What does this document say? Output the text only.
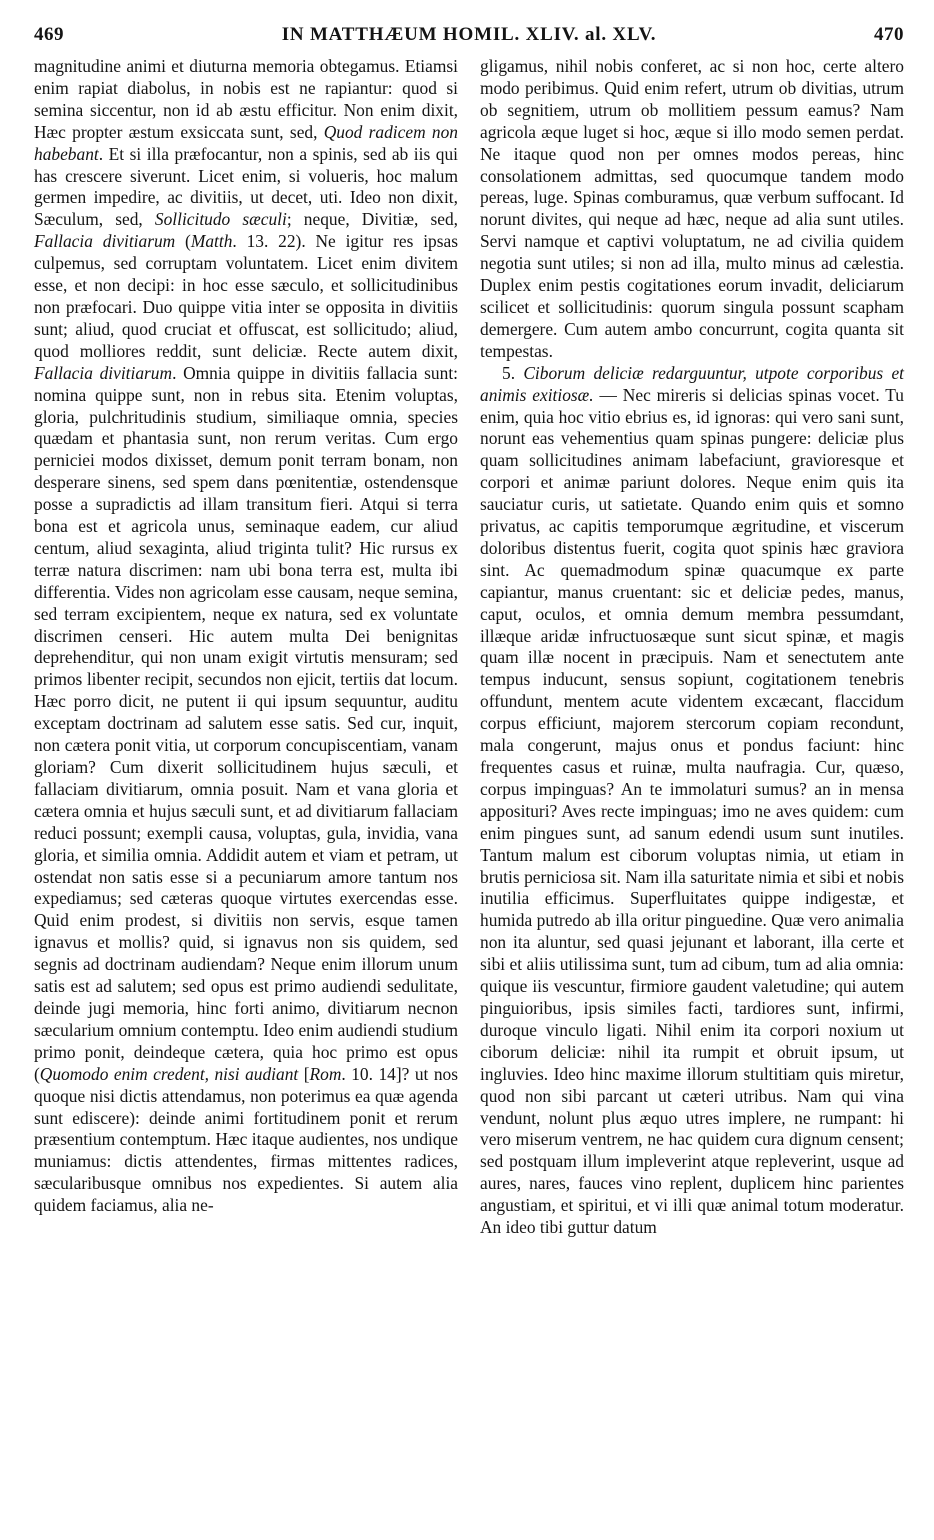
469	IN MATTHÆUM HOMIL. XLIV. al. XLV.	470

magnitudine animi et diuturna memoria obtegamus. Etiamsi enim rapiat diabolus, in nobis est ne rapiantur: quod si semina siccentur, non id ab æstu efficitur. Non enim dixit, Hæc propter æstum exsiccata sunt, sed, Quod radicem non habebant. Et si illa præfocantur, non a spinis, sed ab iis qui has crescere siverunt. Licet enim, si volueris, hoc malum germen impedire, ac divitiis, ut decet, uti. Ideo non dixit, Sæculum, sed, Sollicitudo sæculi; neque, Divitiæ, sed, Fallacia divitiarum (Matth. 13. 22). Ne igitur res ipsas culpemus, sed corruptam voluntatem. Licet enim divitem esse, et non decipi: in hoc esse sæculo, et sollicitudinibus non præfocari. Duo quippe vitia inter se opposita in divitiis sunt; aliud, quod cruciat et offuscat, est sollicitudo; aliud, quod molliores reddit, sunt deliciæ. Recte autem dixit, Fallacia divitiarum. Omnia quippe in divitiis fallacia sunt: nomina quippe sunt, non in rebus sita. Etenim voluptas, gloria, pulchritudinis studium, similiaque omnia, species quædam et phantasia sunt, non rerum veritas. Cum ergo perniciei modos dixisset, demum ponit terram bonam, non desperare sinens, sed spem dans pœnitentiæ, ostendensque posse a supradictis ad illam transitum fieri. Atqui si terra bona est et agricola unus, seminaque eadem, cur aliud centum, aliud sexaginta, aliud triginta tulit? Hic rursus ex terræ natura discrimen: nam ubi bona terra est, multa ibi differentia. Vides non agricolam esse causam, neque semina, sed terram excipientem, neque ex natura, sed ex voluntate discrimen censeri. Hic autem multa Dei benignitas deprehenditur, qui non unam exigit virtutis mensuram; sed primos libenter recipit, secundos non ejicit, tertiis dat locum. Hæc porro dicit, ne putent ii qui ipsum sequuntur, auditu exceptam doctrinam ad salutem esse satis. Sed cur, inquit, non cætera ponit vitia, ut corporum concupiscentiam, vanam gloriam? Cum dixerit sollicitudinem hujus sæculi, et fallaciam divitiarum, omnia posuit. Nam et vana gloria et cætera omnia et hujus sæculi sunt, et ad divitiarum fallaciam reduci possunt; exempli causa, voluptas, gula, invidia, vana gloria, et similia omnia. Addidit autem et viam et petram, ut ostendat non satis esse si a pecuniarum amore tantum nos expediamus; sed cæteras quoque virtutes exercendas esse. Quid enim prodest, si divitiis non servis, esque tamen ignavus et mollis? quid, si ignavus non sis quidem, sed segnis ad doctrinam audiendam? Neque enim illorum unum satis est ad salutem; sed opus est primo audiendi sedulitate, deinde jugi memoria, hinc forti animo, divitiarum necnon sæcularium omnium contemptu. Ideo enim audiendi studium primo ponit, deindeque cætera, quia hoc primo est opus (Quomodo enim credent, nisi audiant [Rom. 10. 14]? ut nos quoque nisi dictis attendamus, non poterimus ea quæ agenda sunt ediscere): deinde animi fortitudinem ponit et rerum præsentium contemptum. Hæc itaque audientes, nos undique muniamus: dictis attendentes, firmas mittentes radices, sæcularibusque omnibus nos expedientes. Si autem alia quidem faciamus, alia ne-

gligamus, nihil nobis conferet, ac si non hoc, certe altero modo peribimus. Quid enim refert, utrum ob divitias, utrum ob segnitiem, utrum ob mollitiem pessum eamus? Nam agricola æque luget si hoc, æque si illo modo semen perdat. Ne itaque quod non per omnes modos pereas, hinc consolationem admittas, sed quocumque tandem modo pereas, luge. Spinas comburamus, quæ verbum suffocant. Id norunt divites, qui neque ad hæc, neque ad alia sunt utiles. Servi namque et captivi voluptatum, ne ad civilia quidem negotia sunt utiles; si non ad illa, multo minus ad cælestia. Duplex enim pestis cogitationes eorum invadit, deliciarum scilicet et sollicitudinis: quorum singula possunt scapham demergere. Cum autem ambo concurrunt, cogita quanta sit tempestas.

5. Ciborum deliciæ redarguuntur, utpote corporibus et animis exitiosæ. — Nec mireris si delicias spinas vocet. Tu enim, quia hoc vitio ebrius es, id ignoras: qui vero sani sunt, norunt eas vehementius quam spinas pungere: deliciæ plus quam sollicitudines animam labefaciunt, gravioresque et corpori et animæ pariunt dolores. Neque enim quis ita sauciatur curis, ut satietate. Quando enim quis et somno privatus, ac capitis temporumque ægritudine, et viscerum doloribus distentus fuerit, cogita quot spinis hæc graviora sint. Ac quemadmodum spinæ quacumque ex parte capiantur, manus cruentant: sic et deliciæ pedes, manus, caput, oculos, et omnia demum membra pessumdant, illæque aridæ infructuosæque sunt sicut spinæ, et magis quam illæ nocent in præcipuis. Nam et senectutem ante tempus inducunt, sensus sopiunt, cogitationem tenebris offundunt, mentem acute videntem excæcant, flaccidum corpus efficiunt, majorem stercorum copiam recondunt, mala congerunt, majus onus et pondus faciunt: hinc frequentes casus et ruinæ, multa naufragia. Cur, quæso, corpus impinguas? An te immolaturi sumus? an in mensa apposituri? Aves recte impinguas; imo ne aves quidem: cum enim pingues sunt, ad sanum edendi usum sunt inutiles. Tantum malum est ciborum voluptas nimia, ut etiam in brutis perniciosa sit. Nam illa saturitate nimia et sibi et nobis inutilia efficimus. Superfluitates quippe indigestæ, et humida putredo ab illa oritur pinguedine. Quæ vero animalia non ita aluntur, sed quasi jejunant et laborant, illa certe et sibi et aliis utilissima sunt, tum ad cibum, tum ad alia omnia: quique iis vescuntur, firmiore gaudent valetudine; qui autem pinguioribus, ipsis similes facti, tardiores sunt, infirmi, duroque vinculo ligati. Nihil enim ita corpori noxium ut ciborum deliciæ: nihil ita rumpit et obruit ipsum, ut ingluvies. Ideo hinc maxime illorum stultitiam quis miretur, quod non sibi parcant ut cæteri utribus. Nam qui vina vendunt, nolunt plus æquo utres implere, ne rumpant: hi vero miserum ventrem, ne hac quidem cura dignum censent; sed postquam illum impleverint atque repleverint, usque ad aures, nares, fauces vino replent, duplicem hinc parientes angustiam, et spiritui, et vi illi quæ animal totum moderatur. An ideo tibi guttur datum
